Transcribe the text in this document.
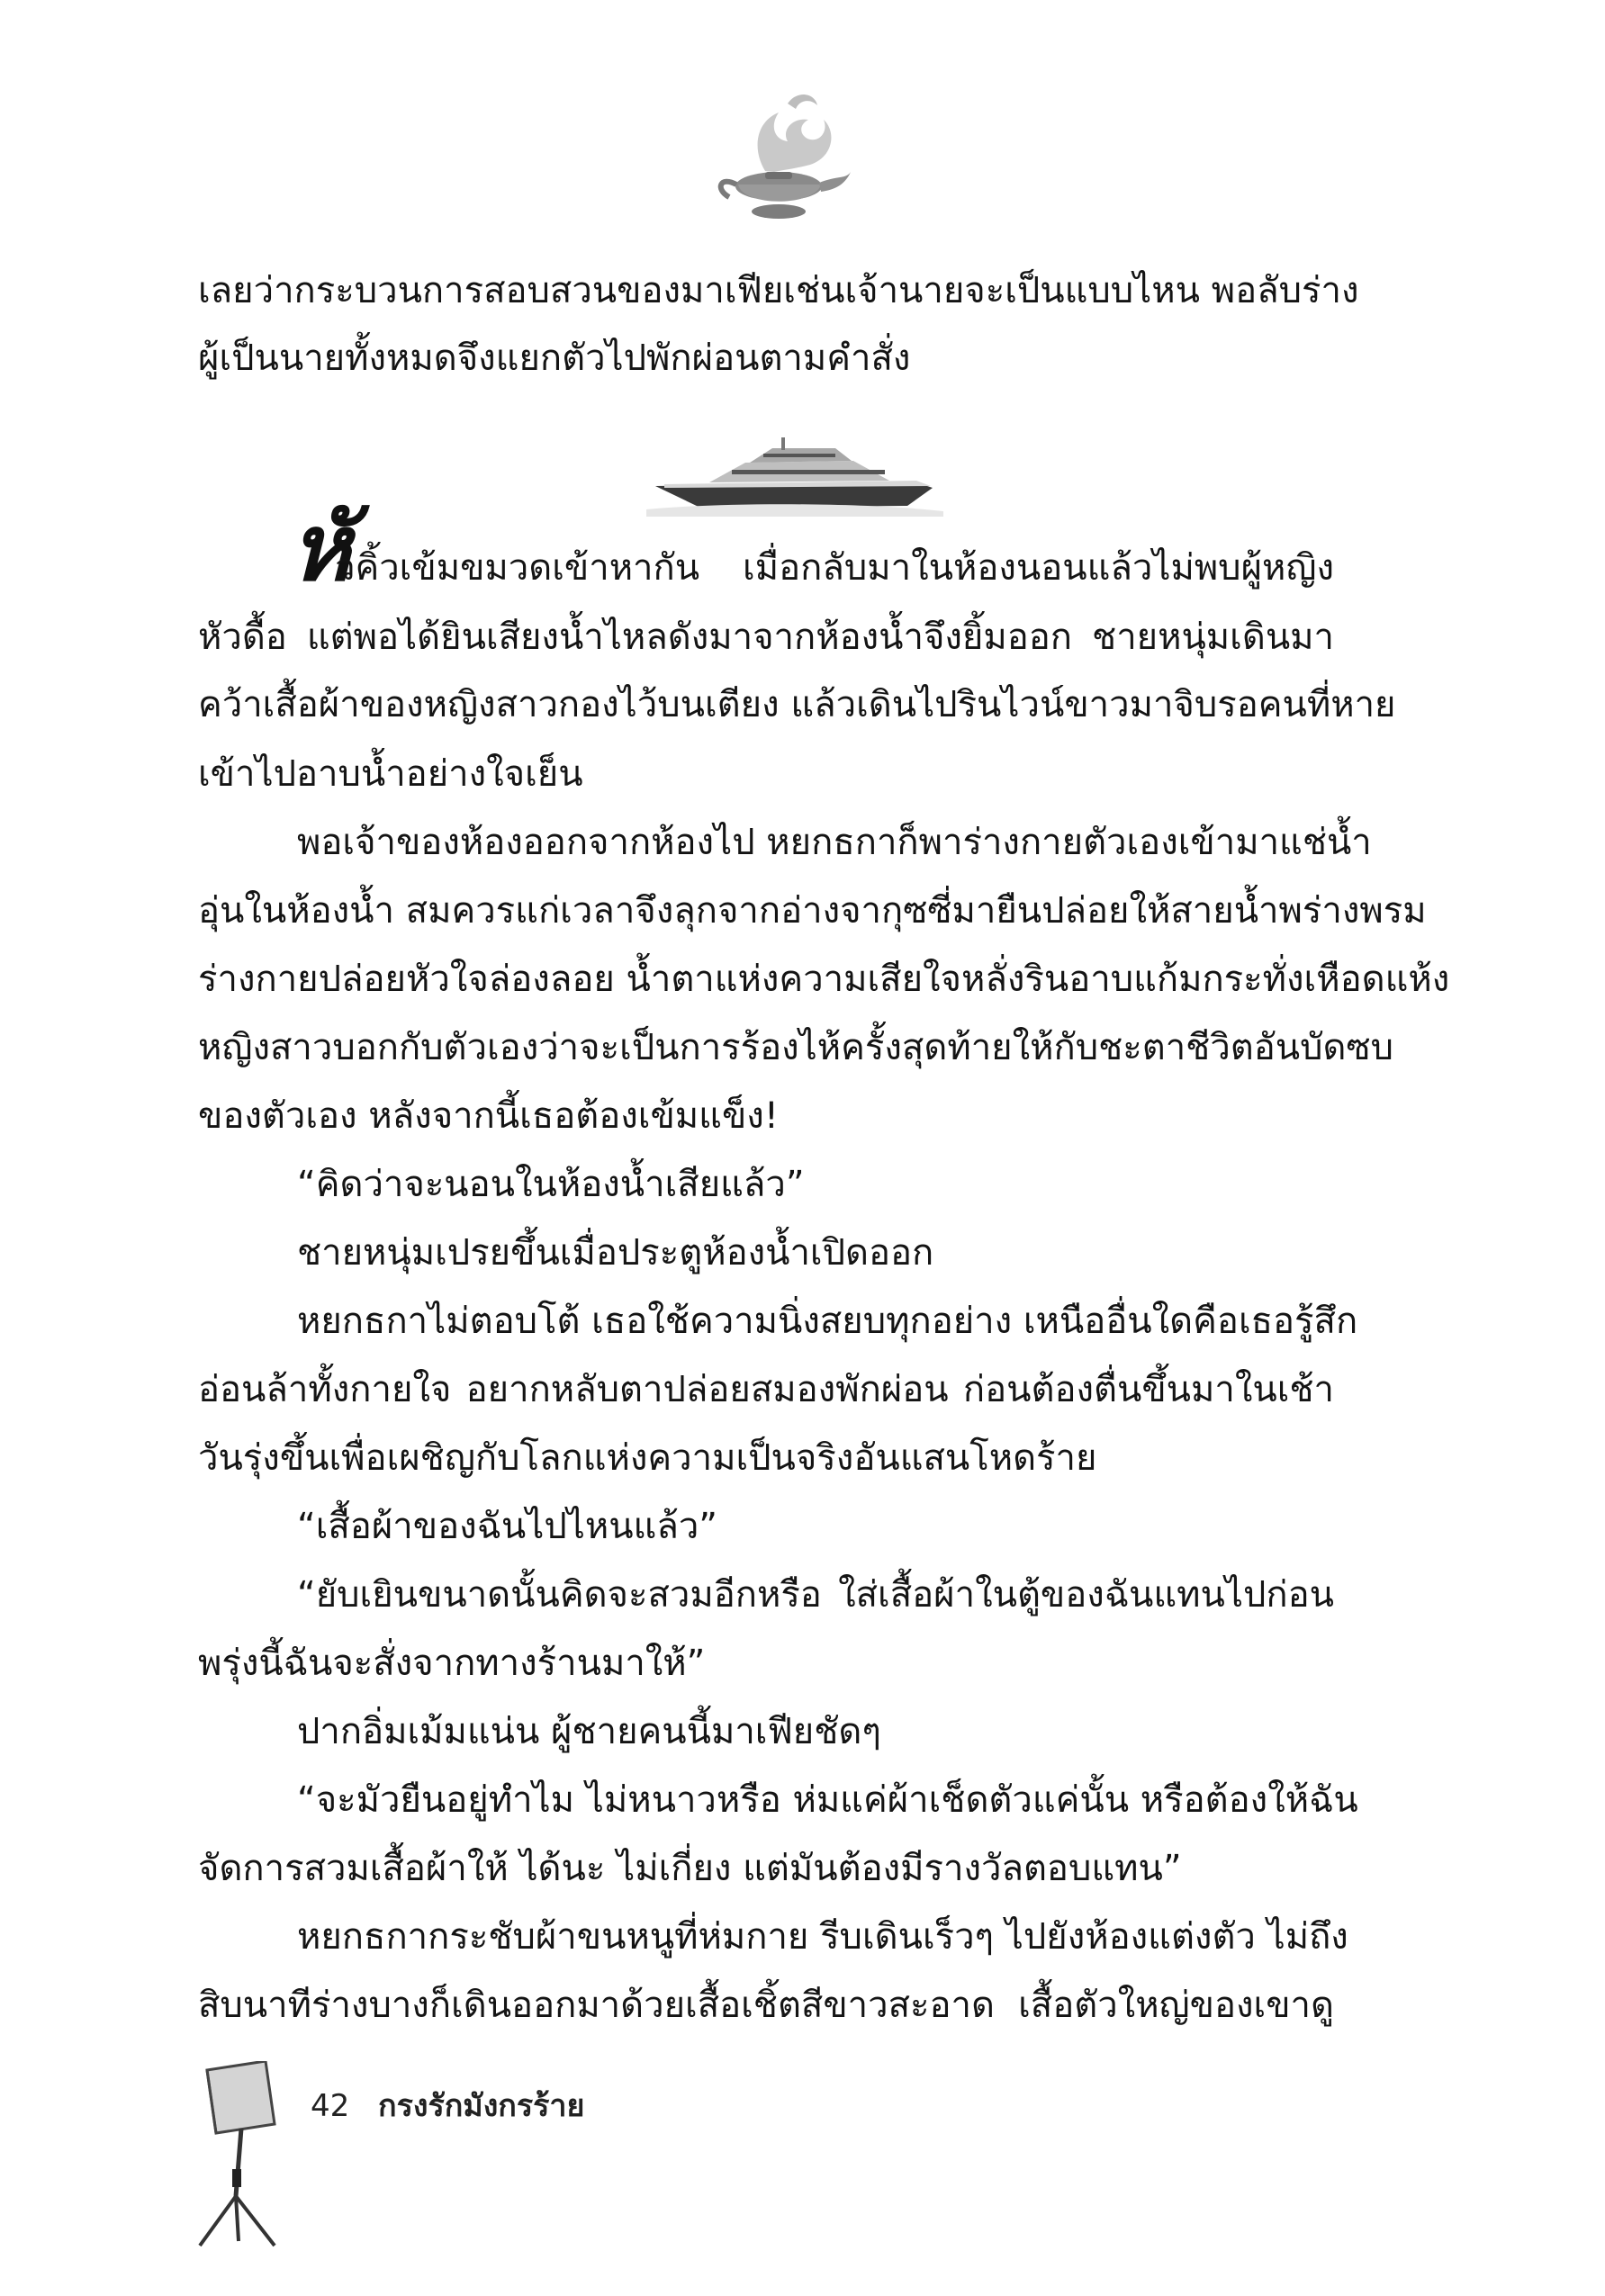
เลยว่ากระบวนการสอบสวนของมาเฟียเช่นเจ้านายจะเป็นแบบไหน พอลับร่าง
ผู้เป็นนายทั้งหมดจึงแยกตัวไปพักผ่อนตามคำสั่ง
หั
วคิ้วเข้มขมวดเข้าหากัน เมื่อกลับมาในห้องนอนแล้วไม่พบผู้หญิง
หัวดื้อ แต่พอได้ยินเสียงน้ำไหลดังมาจากห้องน้ำจึงยิ้มออก ชายหนุ่มเดินมา
คว้าเสื้อผ้าของหญิงสาวกองไว้บนเตียง แล้วเดินไปรินไวน์ขาวมาจิบรอคนที่หาย
เข้าไปอาบน้ำอย่างใจเย็น
พอเจ้าของห้องออกจากห้องไป หยกธกาก็พาร่างกายตัวเองเข้ามาแช่น้ำ
อุ่นในห้องน้ำ สมควรแก่เวลาจึงลุกจากอ่างจากุซซี่มายืนปล่อยให้สายน้ำพร่างพรม
ร่างกายปล่อยหัวใจล่องลอย น้ำตาแห่งความเสียใจหลั่งรินอาบแก้มกระทั่งเหือดแห้ง
หญิงสาวบอกกับตัวเองว่าจะเป็นการร้องไห้ครั้งสุดท้ายให้กับชะตาชีวิตอันบัดซบ
ของตัวเอง หลังจากนี้เธอต้องเข้มแข็ง!
“คิดว่าจะนอนในห้องน้ำเสียแล้ว”
ชายหนุ่มเปรยขึ้นเมื่อประตูห้องน้ำเปิดออก
หยกธกาไม่ตอบโต้ เธอใช้ความนิ่งสยบทุกอย่าง เหนืออื่นใดคือเธอรู้สึก
อ่อนล้าทั้งกายใจ อยากหลับตาปล่อยสมองพักผ่อน ก่อนต้องตื่นขึ้นมาในเช้า
วันรุ่งขึ้นเพื่อเผชิญกับโลกแห่งความเป็นจริงอันแสนโหดร้าย
“เสื้อผ้าของฉันไปไหนแล้ว”
“ยับเยินขนาดนั้นคิดจะสวมอีกหรือ ใส่เสื้อผ้าในตู้ของฉันแทนไปก่อน
พรุ่งนี้ฉันจะสั่งจากทางร้านมาให้”
ปากอิ่มเม้มแน่น ผู้ชายคนนี้มาเฟียชัดๆ
“จะมัวยืนอยู่ทำไม ไม่หนาวหรือ ห่มแค่ผ้าเช็ดตัวแค่นั้น หรือต้องให้ฉัน
จัดการสวมเสื้อผ้าให้ ได้นะ ไม่เกี่ยง แต่มันต้องมีรางวัลตอบแทน”
หยกธกากระชับผ้าขนหนูที่ห่มกาย รีบเดินเร็วๆ ไปยังห้องแต่งตัว ไม่ถึง
สิบนาทีร่างบางก็เดินออกมาด้วยเสื้อเชิ้ตสีขาวสะอาด เสื้อตัวใหญ่ของเขาดู
42 กรงรักมังกรร้าย
